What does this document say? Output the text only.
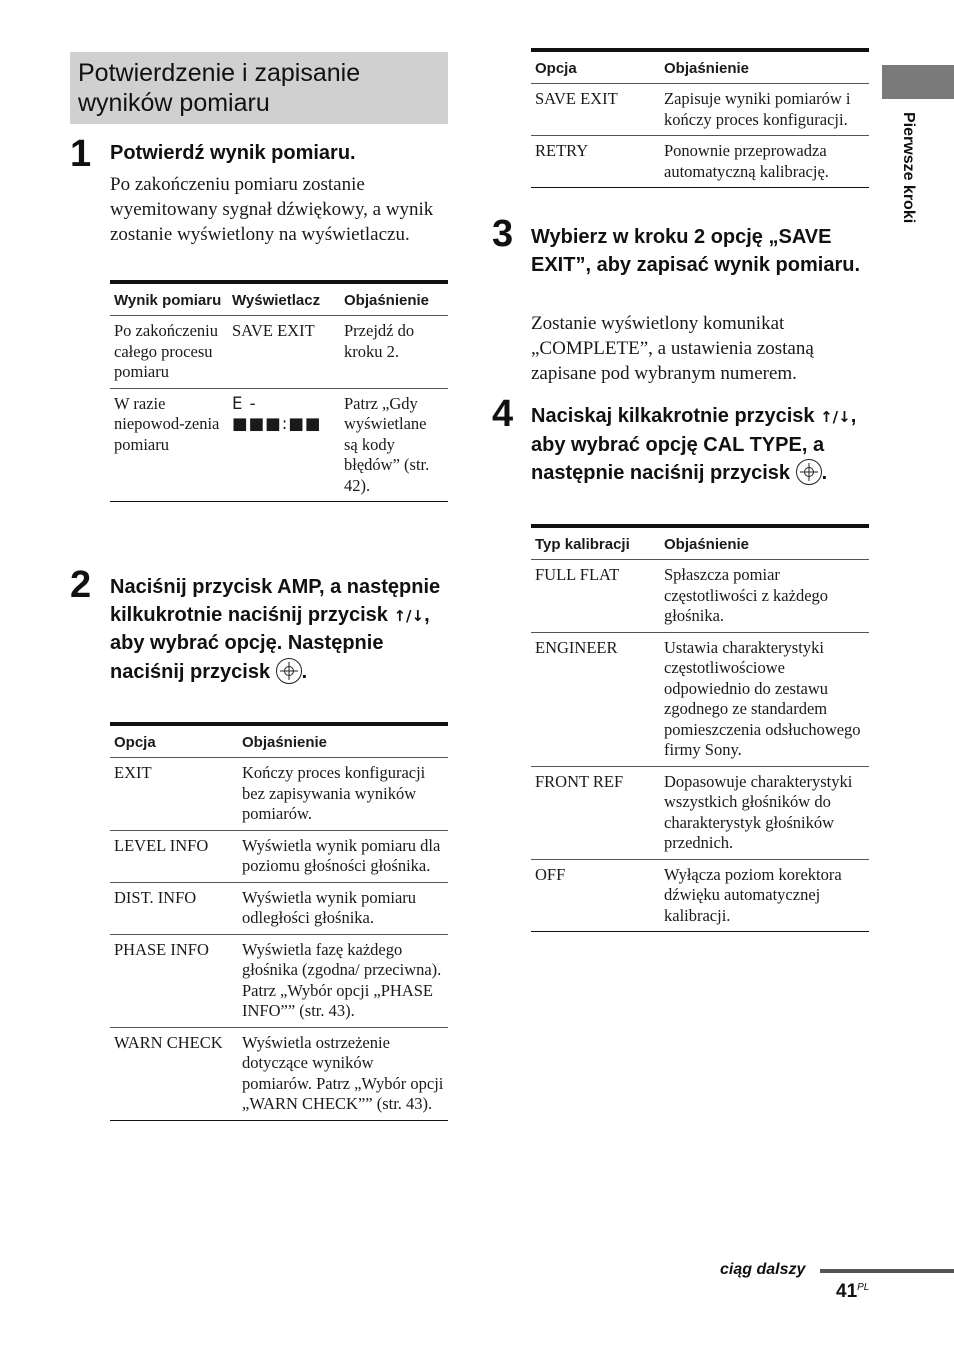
Potwierdzenie i zapisanie wyników pomiaru
1 Potwierdź wynik pomiaru.
Po zakończeniu pomiaru zostanie wyemitowany sygnał dźwiękowy, a wynik zostanie wyświetlony na wyświetlaczu.
Wynik pomiaru	Wyświetlacz	Objaśnienie
Po zakończeniu całego procesu pomiaru	SAVE EXIT	Przejdź do kroku 2.
W razie niepowod-zenia pomiaru	E - ■■■:■■	Patrz „Gdy wyświetlane są kody błędów” (str. 42).
2 Naciśnij przycisk AMP, a następnie kilkukrotnie naciśnij przycisk ↑/↓, aby wybrać opcję. Następnie naciśnij przycisk
.
Opcja	Objaśnienie
EXIT	Kończy proces konfiguracji bez zapisywania wyników pomiarów.
LEVEL INFO	Wyświetla wynik pomiaru dla poziomu głośności głośnika.
DIST. INFO	Wyświetla wynik pomiaru odległości głośnika.
PHASE INFO	Wyświetla fazę każdego głośnika (zgodna/ przeciwna). Patrz „Wybór opcji „PHASE INFO”” (str. 43).
WARN CHECK	Wyświetla ostrzeżenie dotyczące wyników pomiarów. Patrz „Wybór opcji „WARN CHECK”” (str. 43).
Opcja	Objaśnienie
SAVE EXIT	Zapisuje wyniki pomiarów i kończy proces konfiguracji.
RETRY	Ponownie przeprowadza automatyczną kalibrację.
3 Wybierz w kroku 2 opcję „SAVE EXIT”, aby zapisać wynik pomiaru.
Zostanie wyświetlony komunikat „COMPLETE”, a ustawienia zostaną zapisane pod wybranym numerem.
4 Naciskaj kilkakrotnie przycisk ↑/↓, aby wybrać opcję CAL TYPE, a następnie naciśnij przycisk
.
Typ kalibracji	Objaśnienie
FULL FLAT	Spłaszcza pomiar częstotliwości z każdego głośnika.
ENGINEER	Ustawia charakterystyki częstotliwościowe odpowiednio do zestawu zgodnego ze standardem pomieszczenia odsłuchowego firmy Sony.
FRONT REF	Dopasowuje charakterystyki wszystkich głośników do charakterystyk głośników przednich.
OFF	Wyłącza poziom korektora dźwięku automatycznej kalibracji.
Pierwsze kroki
ciąg dalszy
$41^{PL}$
